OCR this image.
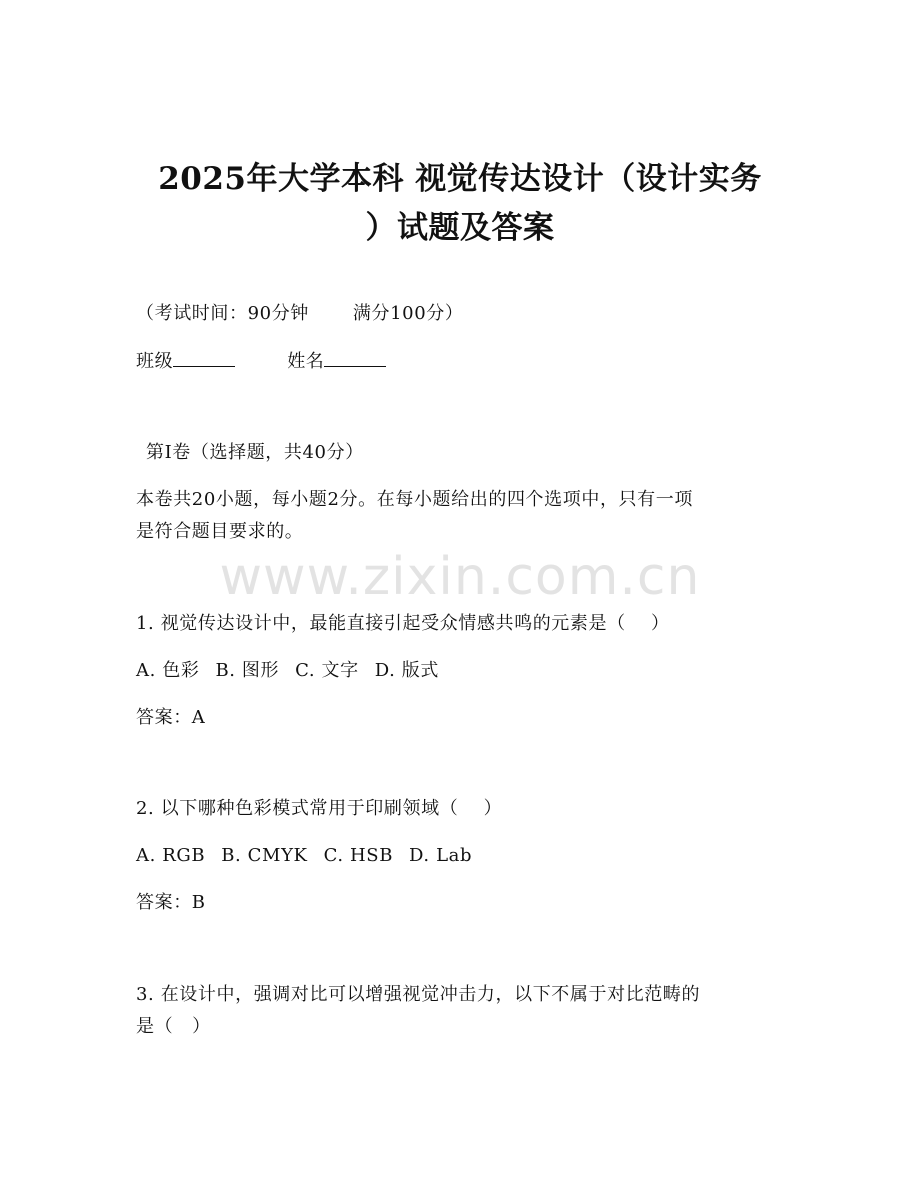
2025年大学本科 视觉传达设计（设计实务
）试题及答案
（考试时间：90分钟 满分100分）
班级	姓名
第I卷（选择题，共40分）
本卷共20小题，每小题2分。在每小题给出的四个选项中，只有一项
是符合题目要求的。
www.zixin.com.cn
1. 视觉传达设计中，最能直接引起受众情感共鸣的元素是（    ）
A. 色彩 B. 图形 C. 文字 D. 版式
答案：A
2. 以下哪种色彩模式常用于印刷领域（    ）
A. RGB B. CMYK C. HSB D. Lab
答案：B
3. 在设计中，强调对比可以增强视觉冲击力，以下不属于对比范畴的
是（   ）
